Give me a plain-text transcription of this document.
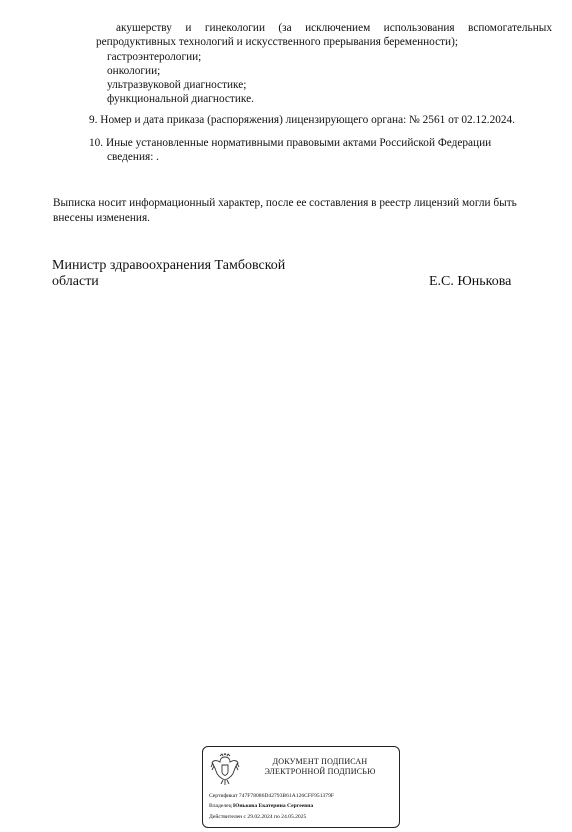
акушерству и гинекологии (за исключением использования вспомогательных
репродуктивных технологий и искусственного прерывания беременности);
гастроэнтерологии;
онкологии;
ультразвуковой диагностике;
функциональной диагностике.
9. Номер и дата приказа (распоряжения) лицензирующего органа: № 2561 от 02.12.2024.
10. Иные установленные нормативными правовыми актами Российской Федерации
сведения: .
Выписка носит информационный характер, после ее составления в реестр лицензий могли быть
внесены изменения.
Министр здравоохранения Тамбовской
области	Е.С. Юнькова
ДОКУМЕНТ ПОДПИСАН
ЭЛЕКТРОННОЙ ПОДПИСЬЮ
Сертификат 747F78086D42793B61A126CFF951379F
Владелец Юнькова Екатерина Сергеевна
Действителен с 29.02.2024 по 24.05.2025
